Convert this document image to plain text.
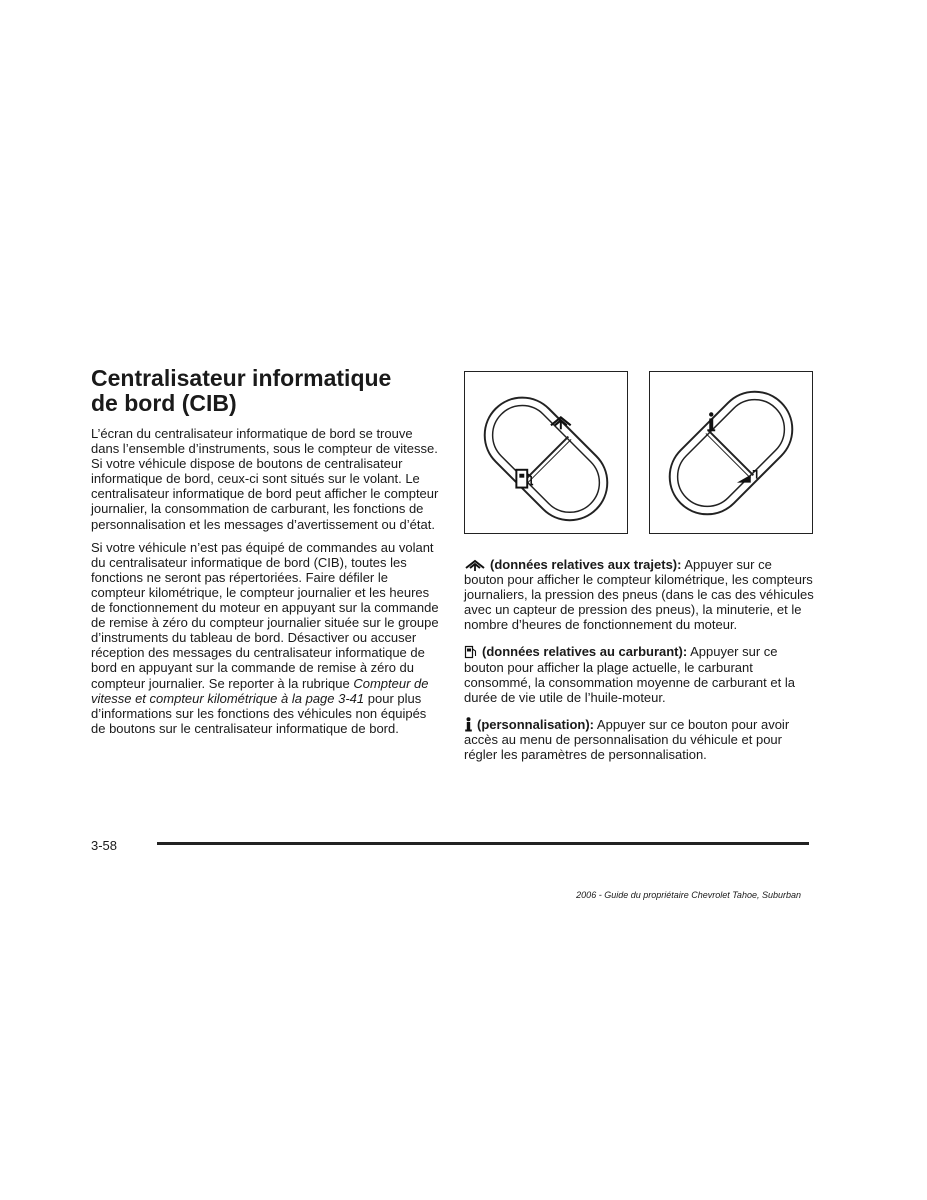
Centralisateur informatique
de bord (CIB)

L’écran du centralisateur informatique de bord se trouve dans l’ensemble d’instruments, sous le compteur de vitesse. Si votre véhicule dispose de boutons de centralisateur informatique de bord, ceux-ci sont situés sur le volant. Le centralisateur informatique de bord peut afficher le compteur journalier, la consommation de carburant, les fonctions de personnalisation et les messages d’avertissement ou d’état.

Si votre véhicule n’est pas équipé de commandes au volant du centralisateur informatique de bord (CIB), toutes les fonctions ne seront pas répertoriées. Faire défiler le compteur kilométrique, le compteur journalier et les heures de fonctionnement du moteur en appuyant sur la commande de remise à zéro du compteur journalier située sur le groupe d’instruments du tableau de bord. Désactiver ou accuser réception des messages du centralisateur informatique de bord en appuyant sur la commande de remise à zéro du compteur journalier. Se reporter à la rubrique Compteur de vitesse et compteur kilométrique à la page 3-41 pour plus d’informations sur les fonctions des véhicules non équipés de boutons sur le centralisateur informatique de bord.

(données relatives aux trajets): Appuyer sur ce bouton pour afficher le compteur kilométrique, les compteurs journaliers, la pression des pneus (dans le cas des véhicules avec un capteur de pression des pneus), la minuterie, et le nombre d’heures de fonctionnement du moteur.

(données relatives au carburant): Appuyer sur ce bouton pour afficher la plage actuelle, le carburant consommé, la consommation moyenne de carburant et la durée de vie utile de l’huile-moteur.

(personnalisation): Appuyer sur ce bouton pour avoir accès au menu de personnalisation du véhicule et pour régler les paramètres de personnalisation.

3-58
2006 - Guide du propriétaire Chevrolet Tahoe, Suburban
